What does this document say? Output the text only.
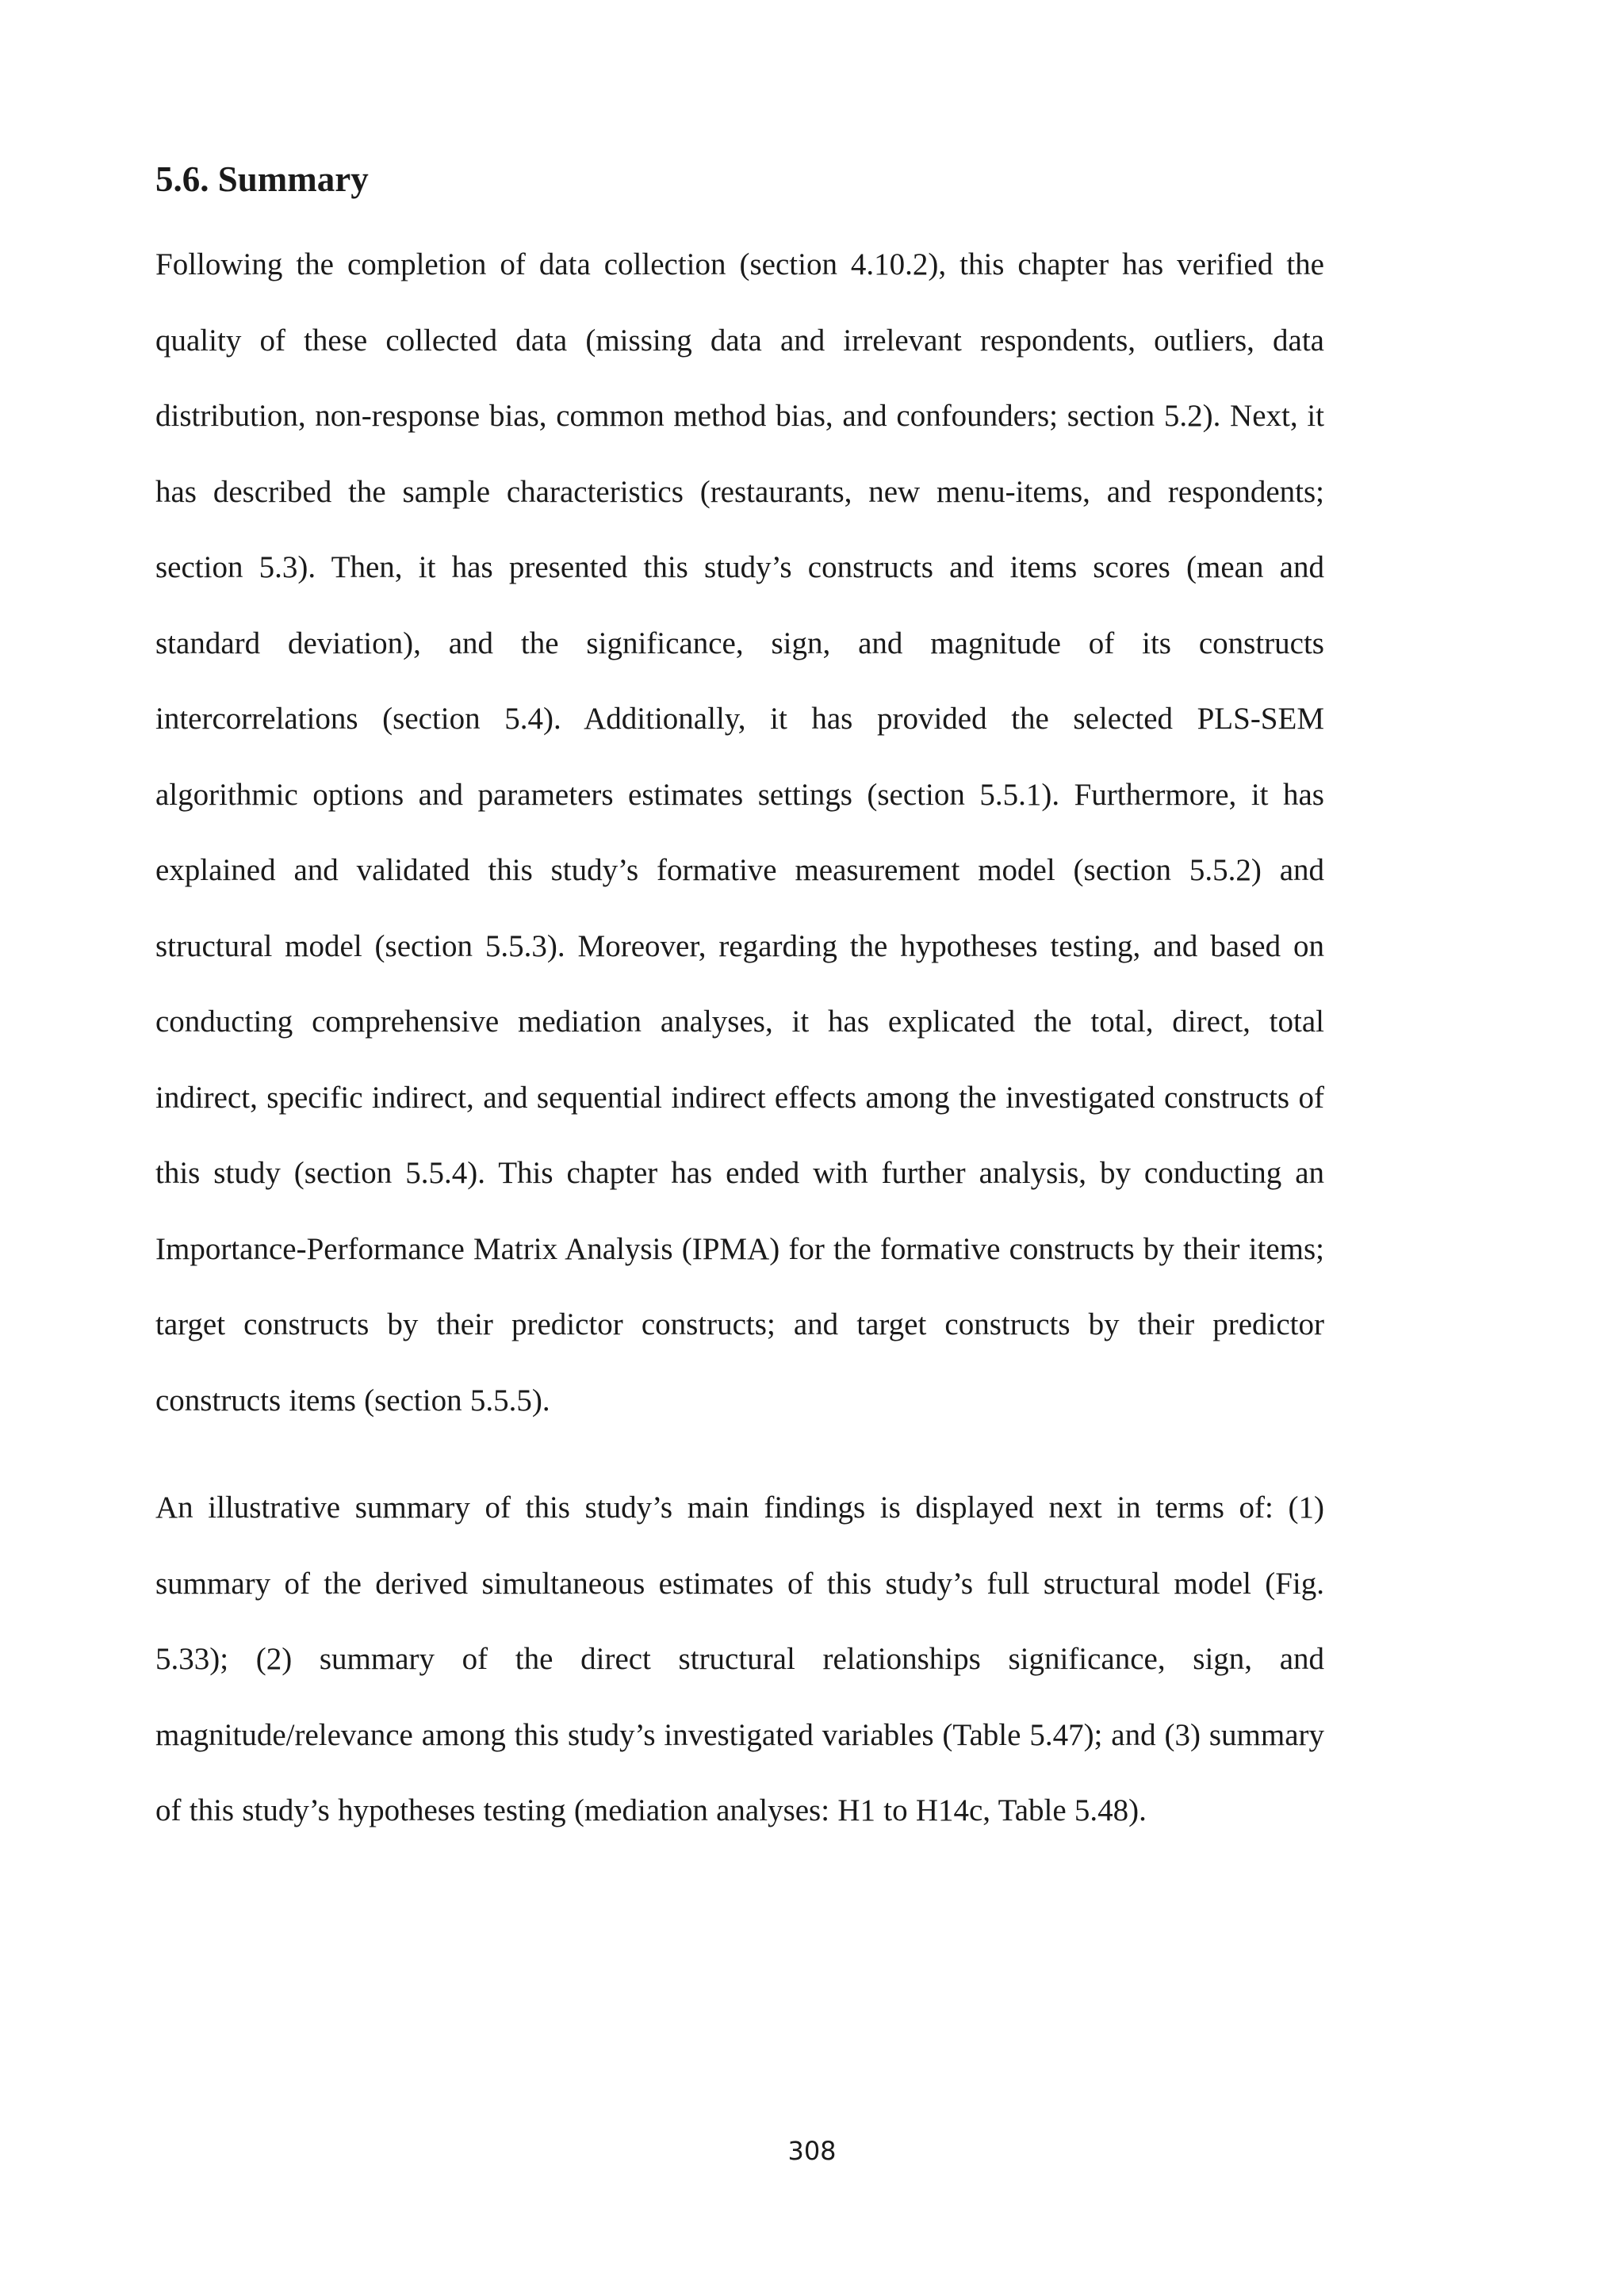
5.6. Summary

Following the completion of data collection (section 4.10.2), this chapter has verified the quality of these collected data (missing data and irrelevant respondents, outliers, data distribution, non-response bias, common method bias, and confounders; section 5.2). Next, it has described the sample characteristics (restaurants, new menu-items, and respondents; section 5.3). Then, it has presented this study’s constructs and items scores (mean and standard deviation), and the significance, sign, and magnitude of its constructs intercorrelations (section 5.4). Additionally, it has provided the selected PLS-SEM algorithmic options and parameters estimates settings (section 5.5.1). Furthermore, it has explained and validated this study’s formative measurement model (section 5.5.2) and structural model (section 5.5.3). Moreover, regarding the hypotheses testing, and based on conducting comprehensive mediation analyses, it has explicated the total, direct, total indirect, specific indirect, and sequential indirect effects among the investigated constructs of this study (section 5.5.4). This chapter has ended with further analysis, by conducting an Importance-Performance Matrix Analysis (IPMA) for the formative constructs by their items; target constructs by their predictor constructs; and target constructs by their predictor constructs items (section 5.5.5).

An illustrative summary of this study’s main findings is displayed next in terms of: (1) summary of the derived simultaneous estimates of this study’s full structural model (Fig. 5.33); (2) summary of the direct structural relationships significance, sign, and magnitude/relevance among this study’s investigated variables (Table 5.47); and (3) summary of this study’s hypotheses testing (mediation analyses: H1 to H14c, Table 5.48).

308
